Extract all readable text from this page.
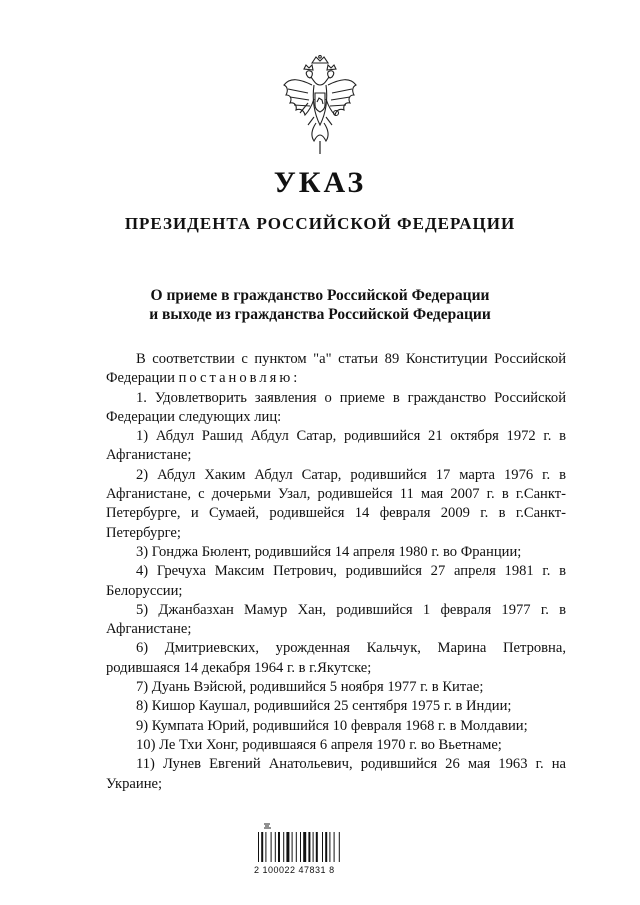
УКАЗ
ПРЕЗИДЕНТА РОССИЙСКОЙ ФЕДЕРАЦИИ
О приеме в гражданство Российской Федерации
и выходе из гражданства Российской Федерации

В соответствии с пунктом "а" статьи 89 Конституции Российской Федерации постановляю:

1. Удовлетворить заявления о приеме в гражданство Российской Федерации следующих лиц:

1) Абдул Рашид Абдул Сатар, родившийся 21 октября 1972 г. в Афганистане;

2) Абдул Хаким Абдул Сатар, родившийся 17 марта 1976 г. в Афганистане, с дочерьми Узал, родившейся 11 мая 2007 г. в г.Санкт-Петербурге, и Сумаей, родившейся 14 февраля 2009 г. в г.Санкт-Петербурге;

3) Гонджа Бюлент, родившийся 14 апреля 1980 г. во Франции;

4) Гречуха Максим Петрович, родившийся 27 апреля 1981 г. в Белоруссии;

5) Джанбазхан Мамур Хан, родившийся 1 февраля 1977 г. в Афганистане;

6) Дмитриевских, урожденная Кальчук, Марина Петровна, родившаяся 14 декабря 1964 г. в г.Якутске;

7) Дуань Вэйсюй, родившийся 5 ноября 1977 г. в Китае;

8) Кишор Каушал, родившийся 25 сентября 1975 г. в Индии;

9) Кумпата Юрий, родившийся 10 февраля 1968 г. в Молдавии;

10) Ле Тхи Хонг, родившаяся 6 апреля 1970 г. во Вьетнаме;

11) Лунев Евгений Анатольевич, родившийся 26 мая 1963 г. на Украине;

2 100022 47831 8
